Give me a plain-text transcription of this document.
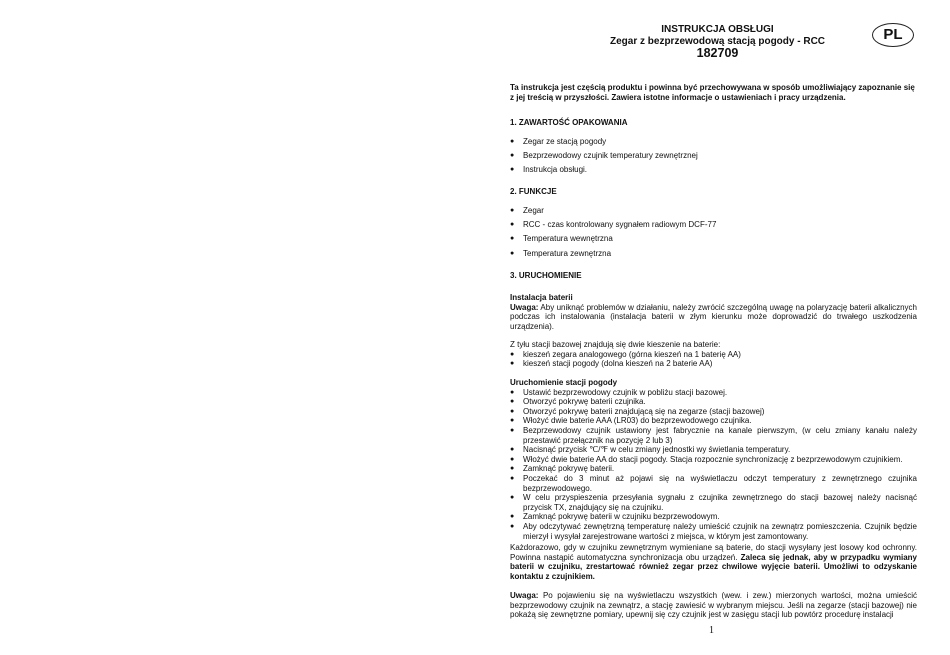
INSTRUKCJA OBSŁUGI
Zegar z bezprzewodową stacją pogody - RCC
182709
PL
Ta instrukcja jest częścią produktu i powinna być przechowywana w sposób umożliwiający zapoznanie się z jej treścią w przyszłości. Zawiera istotne informacje o ustawieniach i pracy urządzenia.
1. ZAWARTOŚĆ OPAKOWANIA
● Zegar ze stacją pogody
● Bezprzewodowy czujnik temperatury zewnętrznej
● Instrukcja obsługi.
2. FUNKCJE
● Zegar
● RCC - czas kontrolowany sygnałem radiowym DCF-77
● Temperatura wewnętrzna
● Temperatura zewnętrzna
3. URUCHOMIENIE
Instalacja baterii
Uwaga: Aby uniknąć problemów w działaniu, należy zwrócić szczególną uwagę na polaryzację baterii alkalicznych podczas ich instalowania (instalacja baterii w złym kierunku może doprowadzić do trwałego uszkodzenia urządzenia).
Z tyłu stacji bazowej znajdują się dwie kieszenie na baterie:
● kieszeń zegara analogowego (górna kieszeń na 1 baterię AA)
● kieszeń stacji pogody (dolna kieszeń na 2 baterie AA)
Uruchomienie stacji pogody
● Ustawić bezprzewodowy czujnik w pobliżu stacji bazowej.
● Otworzyć pokrywę baterii czujnika.
● Otworzyć pokrywę baterii znajdującą się na zegarze (stacji bazowej)
● Włożyć dwie baterie AAA (LR03) do bezprzewodowego czujnika.
● Bezprzewodowy czujnik ustawiony jest fabrycznie na kanale pierwszym, (w celu zmiany kanału należy przestawić przełącznik na pozycję 2 lub 3)
● Nacisnąć przycisk ℃/℉ w celu zmiany jednostki wy świetlania temperatury.
● Włożyć dwie baterie AA do stacji pogody. Stacja rozpocznie synchronizację z bezprzewodowym czujnikiem.
● Zamknąć pokrywę baterii.
● Poczekać do 3 minut aż pojawi się na wyświetlaczu odczyt temperatury z zewnętrznego czujnika bezprzewodowego.
● W celu przyspieszenia przesyłania sygnału z czujnika zewnętrznego do stacji bazowej należy nacisnąć przycisk TX, znajdujący się na czujniku.
● Zamknąć pokrywę baterii w czujniku bezprzewodowym.
● Aby odczytywać zewnętrzną temperaturę należy umieścić czujnik na zewnątrz pomieszczenia. Czujnik będzie mierzył i wysyłał zarejestrowane wartości z miejsca, w którym jest zamontowany.
Każdorazowo, gdy w czujniku zewnętrznym wymieniane są baterie, do stacji wysyłany jest losowy kod ochronny. Powinna nastąpić automatyczna synchronizacja obu urządzeń. Zaleca się jednak, aby w przypadku wymiany baterii w czujniku, zrestartować również zegar przez chwilowe wyjęcie baterii. Umożliwi to odzyskanie kontaktu z czujnikiem.
Uwaga: Po pojawieniu się na wyświetlaczu wszystkich (wew. i zew.) mierzonych wartości, można umieścić bezprzewodowy czujnik na zewnątrz, a stację zawiesić w wybranym miejscu. Jeśli na zegarze (stacji bazowej) nie pokażą się zewnętrzne pomiary, upewnij się czy czujnik jest w zasięgu stacji lub powtórz procedurę instalacji
1
